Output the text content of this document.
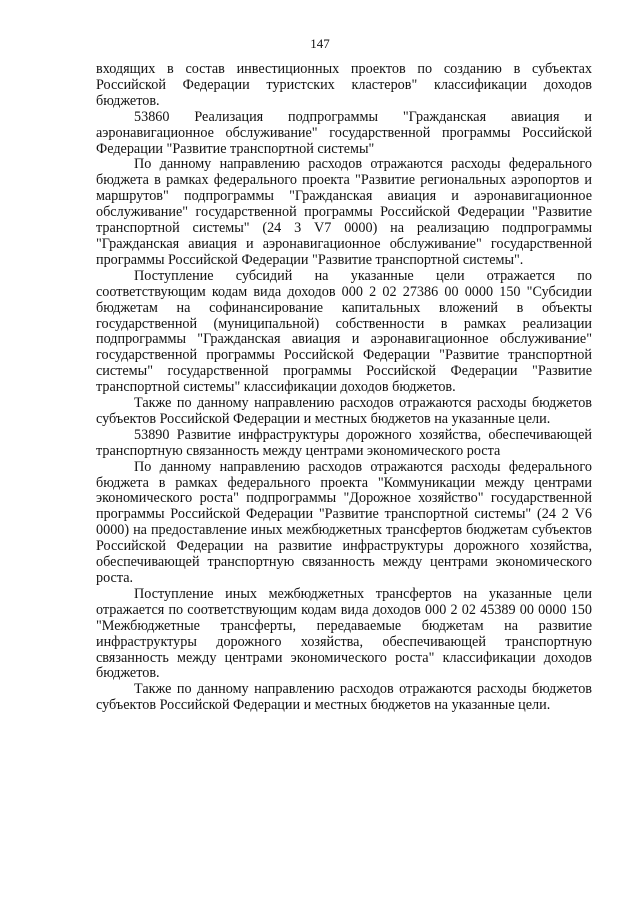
147

входящих в состав инвестиционных проектов по созданию в субъектах Российской Федерации туристских кластеров" классификации доходов бюджетов.

53860 Реализация подпрограммы "Гражданская авиация и аэронавигационное обслуживание" государственной программы Российской Федерации "Развитие транспортной системы"

По данному направлению расходов отражаются расходы федерального бюджета в рамках федерального проекта "Развитие региональных аэропортов и маршрутов" подпрограммы "Гражданская авиация и аэронавигационное обслуживание" государственной программы Российской Федерации "Развитие транспортной системы" (24 3 V7 0000) на реализацию подпрограммы "Гражданская авиация и аэронавигационное обслуживание" государственной программы Российской Федерации "Развитие транспортной системы".

Поступление субсидий на указанные цели отражается по соответствующим кодам вида доходов 000 2 02 27386 00 0000 150 "Субсидии бюджетам на софинансирование капитальных вложений в объекты государственной (муниципальной) собственности в рамках реализации подпрограммы "Гражданская авиация и аэронавигационное обслуживание" государственной программы Российской Федерации "Развитие транспортной системы" государственной программы Российской Федерации "Развитие транспортной системы" классификации доходов бюджетов.

Также по данному направлению расходов отражаются расходы бюджетов субъектов Российской Федерации и местных бюджетов на указанные цели.

53890 Развитие инфраструктуры дорожного хозяйства, обеспечивающей транспортную связанность между центрами экономического роста

По данному направлению расходов отражаются расходы федерального бюджета в рамках федерального проекта "Коммуникации между центрами экономического роста" подпрограммы "Дорожное хозяйство" государственной программы Российской Федерации "Развитие транспортной системы" (24 2 V6 0000) на предоставление иных межбюджетных трансфертов бюджетам субъектов Российской Федерации на развитие инфраструктуры дорожного хозяйства, обеспечивающей транспортную связанность между центрами экономического роста.

Поступление иных межбюджетных трансфертов на указанные цели отражается по соответствующим кодам вида доходов 000 2 02 45389 00 0000 150 "Межбюджетные трансферты, передаваемые бюджетам на развитие инфраструктуры дорожного хозяйства, обеспечивающей транспортную связанность между центрами экономического роста" классификации доходов бюджетов.

Также по данному направлению расходов отражаются расходы бюджетов субъектов Российской Федерации и местных бюджетов на указанные цели.
